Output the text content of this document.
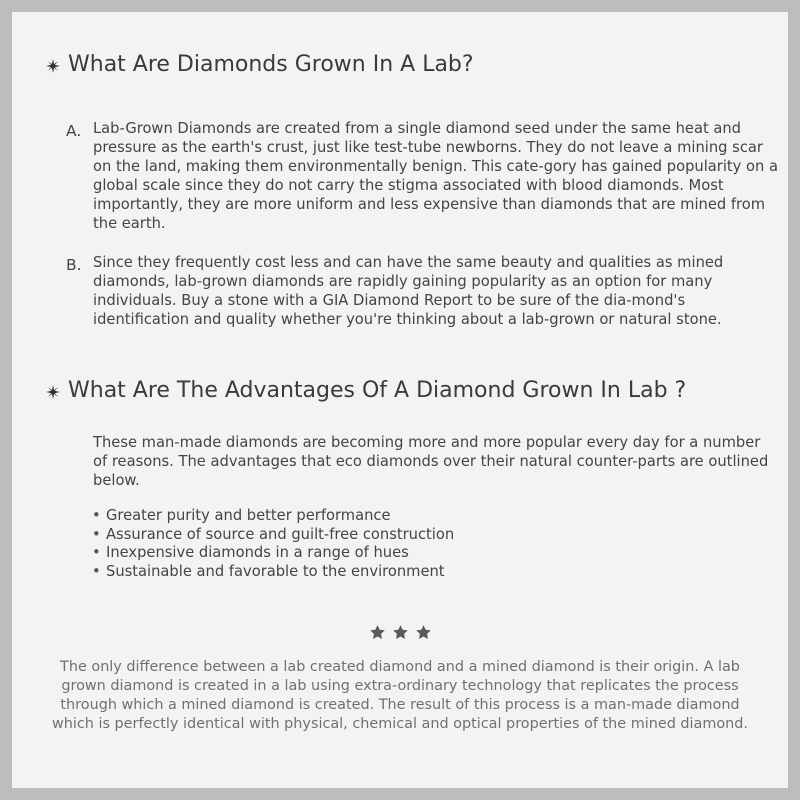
What Are Diamonds Grown In A Lab?
A. Lab-Grown Diamonds are created from a single diamond seed under the same heat and pressure as the earth's crust, just like test-tube newborns. They do not leave a mining scar on the land, making them environmentally benign. This cate-gory has gained popularity on a global scale since they do not carry the stigma associated with blood diamonds. Most importantly, they are more uniform and less expensive than diamonds that are mined from the earth.
B. Since they frequently cost less and can have the same beauty and qualities as mined diamonds, lab-grown diamonds are rapidly gaining popularity as an option for many individuals. Buy a stone with a GIA Diamond Report to be sure of the dia-mond's identification and quality whether you're thinking about a lab-grown or natural stone.
What Are The Advantages Of A Diamond Grown In Lab ?

These man-made diamonds are becoming more and more popular every day for a number of reasons. The advantages that eco diamonds over their natural counter-parts are outlined below.

• Greater purity and better performance
• Assurance of source and guilt-free construction
• Inexpensive diamonds in a range of hues
• Sustainable and favorable to the environment

The only difference between a lab created diamond and a mined diamond is their origin. A lab grown diamond is created in a lab using extra-ordinary technology that replicates the process through which a mined diamond is created. The result of this process is a man-made diamond which is perfectly identical with physical, chemical and optical properties of the mined diamond.
